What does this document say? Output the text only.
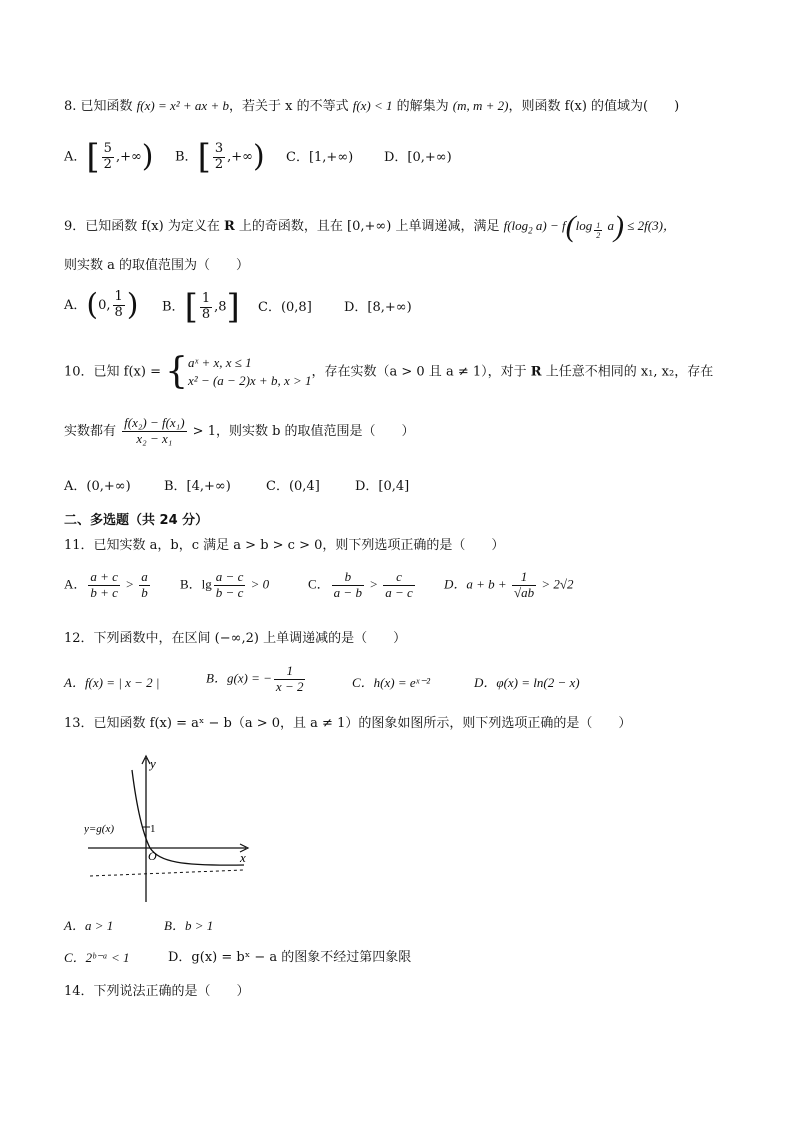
8. 已知函数 f(x) = x² + ax + b，若关于 x 的不等式 f(x) < 1 的解集为 (m, m + 2)，则函数 f(x) 的值域为(　　)
A．[ $\frac{5}{2}$ ,+∞) B．[ $\frac{3}{2}$ ,+∞) C．[1,+∞) D．[0,+∞)
9．已知函数 f(x) 为定义在 R 上的奇函数，且在 [0,+∞) 上单调递减，满足 $f(\log_2$ $a) - f(\log \frac{1}{2} a) \le 2f(3)$，
则实数 a 的取值范围为（　　）
A．(0, $\frac{1}{8}$ ) B．[ $\frac{1}{8} ,8$] C．(0,8] D．[8,+∞)
10．已知 f(x) = { aˣ + x, x ≤ 1
x² − (a − 2)x + b, x > 1
，存在实数（a > 0 且 a ≠ 1），对于 R 上任意不相同的 x₁, x₂，存在
实数都有 $\frac{\text{f(x₂) − f(x₁)}}{\text{x₂ − x₁}} > 1$，则实数 b 的取值范围是（　　）
A．(0,+∞)	B．[4,+∞)	C．(0,4]	D．[0,4]
二、多选题（共 24 分）
11．已知实数 a，b，c 满足 a > b > c > 0，则下列选项正确的是（　　）
A． $\frac{a + c}{b + c} > \frac{a}{b}$ B．$\lg \frac{a - c}{b - c} > 0$	C． $\frac{b}{a - b} > \frac{c}{a - c}$ D．$a + b + \frac{1}{√ab} > 2√2$
12．下列函数中，在区间 (−∞,2) 上单调递减的是（　　）
A．f(x) = | x − 2 |	B．g(x) = − $\frac{1}{x - 2}$	C．h(x) = eˣ⁻²	D．φ(x) = ln(2 − x)
13．已知函数 f(x) = aˣ − b（a > 0，且 a ≠ 1）的图象如图所示，则下列选项正确的是（　　）
y
x
y=g(x)	1
O
A．a > 1	B．b > 1
C．2ᵇ⁻ᵃ < 1	D．g(x) = bˣ − a 的图象不经过第四象限
14．下列说法正确的是（　　）
